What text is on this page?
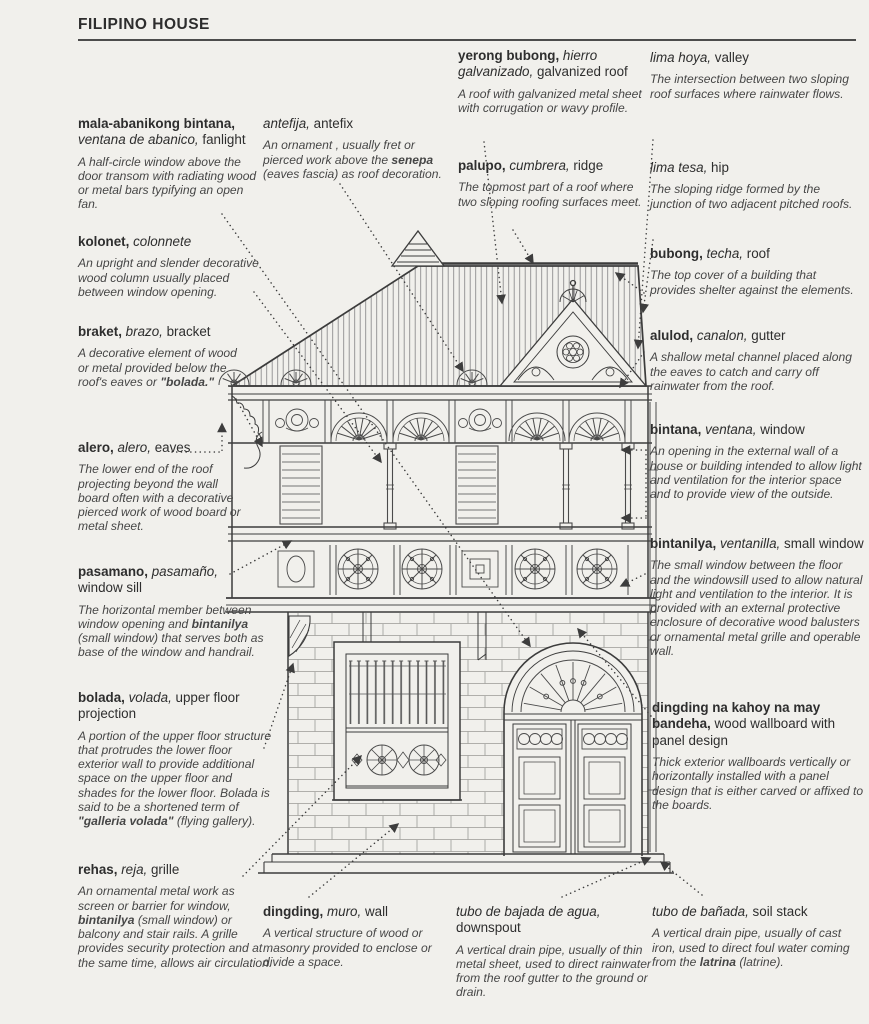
FILIPINO HOUSE
mala-abanikong bintana, ventana de abanico, fanlight

A half-circle window above the door transom with radiating wood or metal bars typifying an open fan.

antefija, antefix

An ornament , usually fret or pierced work above the senepa (eaves fascia) as roof decoration.

yerong bubong, hierro galvanizado, galvanized roof

A roof with galvanized metal sheet with corrugation or wavy profile.

lima hoya, valley

The intersection between two sloping roof surfaces where rainwater flows.

palupo, cumbrera, ridge

The topmost part of a roof where two sloping roofing surfaces meet.

lima tesa, hip

The sloping ridge formed by the junction of two adjacent pitched roofs.

kolonet, colonnete

An upright and slender decorative wood column usually placed between window opening.

bubong, techa, roof

The top cover of a building that provides shelter against the elements.

braket, brazo, bracket

A decorative element of wood or metal provided below the roof's eaves or "bolada."

alulod, canalon, gutter

A shallow metal channel placed along the eaves to catch and carry off rainwater from the roof.

alero, alero, eaves

The lower end of the roof projecting beyond the wall board often with a decorative pierced work of wood board or metal sheet.

bintana, ventana, window

An opening in the external wall of a house or building intended to allow light and ventilation for the interior space and to provide view of the outside.

bintanilya, ventanilla, small window

The small window between the floor and the windowsill used to allow natural light and ventilation to the interior. It is provided with an external protective enclosure of decorative wood balusters or ornamental metal grille and operable wall.

pasamano, pasamaño, window sill

The horizontal member between window opening and bintanilya (small window) that serves both as base of the window and handrail.

bolada, volada, upper floor projection

A portion of the upper floor structure that protrudes the lower floor exterior wall to provide additional space on the upper floor and shades for the lower floor. Bolada is said to be a shortened term of "galleria volada" (flying gallery).

dingding na kahoy na may bandeha, wood wallboard with panel design

Thick exterior wallboards vertically or horizontally installed with a panel design that is either carved or affixed to the boards.

rehas, reja, grille

An ornamental metal work as screen or barrier for window, bintanilya (small window) or balcony and stair rails. A grille provides security protection and at the same time, allows air circulation.

dingding, muro, wall

A vertical structure of wood or masonry provided to enclose or divide a space.

tubo de bajada de agua, downspout

A vertical drain pipe, usually of thin metal sheet, used to direct rainwater from the roof gutter to the ground or drain.

tubo de bañada, soil stack

A vertical drain pipe, usually of cast iron, used to direct foul water coming from the latrina (latrine).
